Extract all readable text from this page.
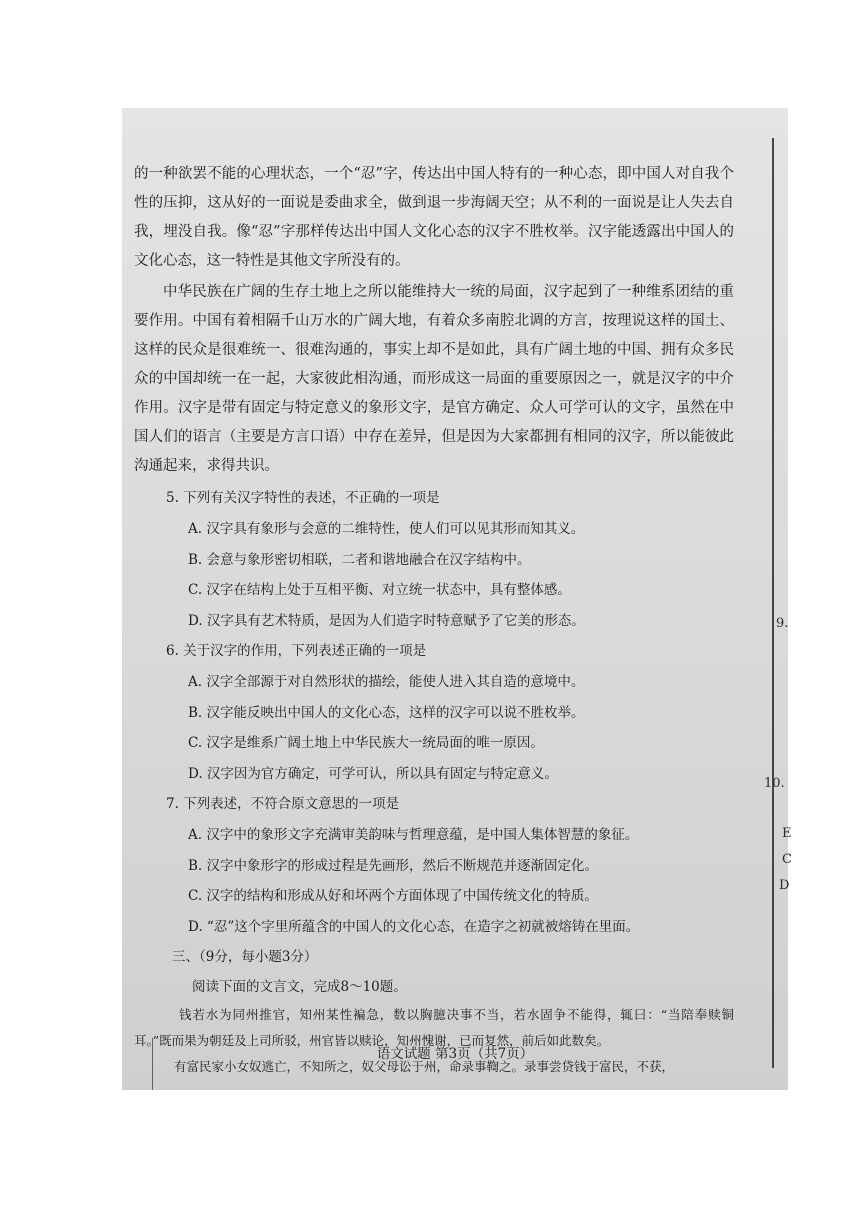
的一种欲罢不能的心理状态，一个“忍”字，传达出中国人特有的一种心态，即中国人对自我个性的压抑，这从好的一面说是委曲求全，做到退一步海阔天空；从不利的一面说是让人失去自我，埋没自我。像“忍”字那样传达出中国人文化心态的汉字不胜枚举。汉字能透露出中国人的文化心态，这一特性是其他文字所没有的。

中华民族在广阔的生存土地上之所以能维持大一统的局面，汉字起到了一种维系团结的重要作用。中国有着相隔千山万水的广阔大地，有着众多南腔北调的方言，按理说这样的国土、这样的民众是很难统一、很难沟通的，事实上却不是如此，具有广阔土地的中国、拥有众多民众的中国却统一在一起，大家彼此相沟通，而形成这一局面的重要原因之一，就是汉字的中介作用。汉字是带有固定与特定意义的象形文字，是官方确定、众人可学可认的文字，虽然在中国人们的语言（主要是方言口语）中存在差异，但是因为大家都拥有相同的汉字，所以能彼此沟通起来，求得共识。

5. 下列有关汉字特性的表述，不正确的一项是

A. 汉字具有象形与会意的二维特性，使人们可以见其形而知其义。

B. 会意与象形密切相联，二者和谐地融合在汉字结构中。

C. 汉字在结构上处于互相平衡、对立统一状态中，具有整体感。

D. 汉字具有艺术特质，是因为人们造字时特意赋予了它美的形态。

6. 关于汉字的作用，下列表述正确的一项是

A. 汉字全部源于对自然形状的描绘，能使人进入其自造的意境中。

B. 汉字能反映出中国人的文化心态，这样的汉字可以说不胜枚举。

C. 汉字是维系广阔土地上中华民族大一统局面的唯一原因。

D. 汉字因为官方确定，可学可认，所以具有固定与特定意义。

7. 下列表述，不符合原文意思的一项是

A. 汉字中的象形文字充满审美韵味与哲理意蕴，是中国人集体智慧的象征。

B. 汉字中象形字的形成过程是先画形，然后不断规范并逐渐固定化。

C. 汉字的结构和形成从好和坏两个方面体现了中国传统文化的特质。

D. “忍”这个字里所蕴含的中国人的文化心态，在造字之初就被熔铸在里面。

三、（9分，每小题3分）

阅读下面的文言文，完成8～10题。

钱若水为同州推官，知州某性褊急，数以胸臆决事不当，若水固争不能得，辄曰：“当陪奉赎铜耳。”既而果为朝廷及上司所驳，州官皆以赎论，知州愧谢，已而复然，前后如此数矣。

有富民家小女奴逃亡，不知所之，奴父母讼于州，命录事鞫之。录事尝贷钱于富民，不获，

语文试题 第3页（共7页）
9.
10.
E
C
D
